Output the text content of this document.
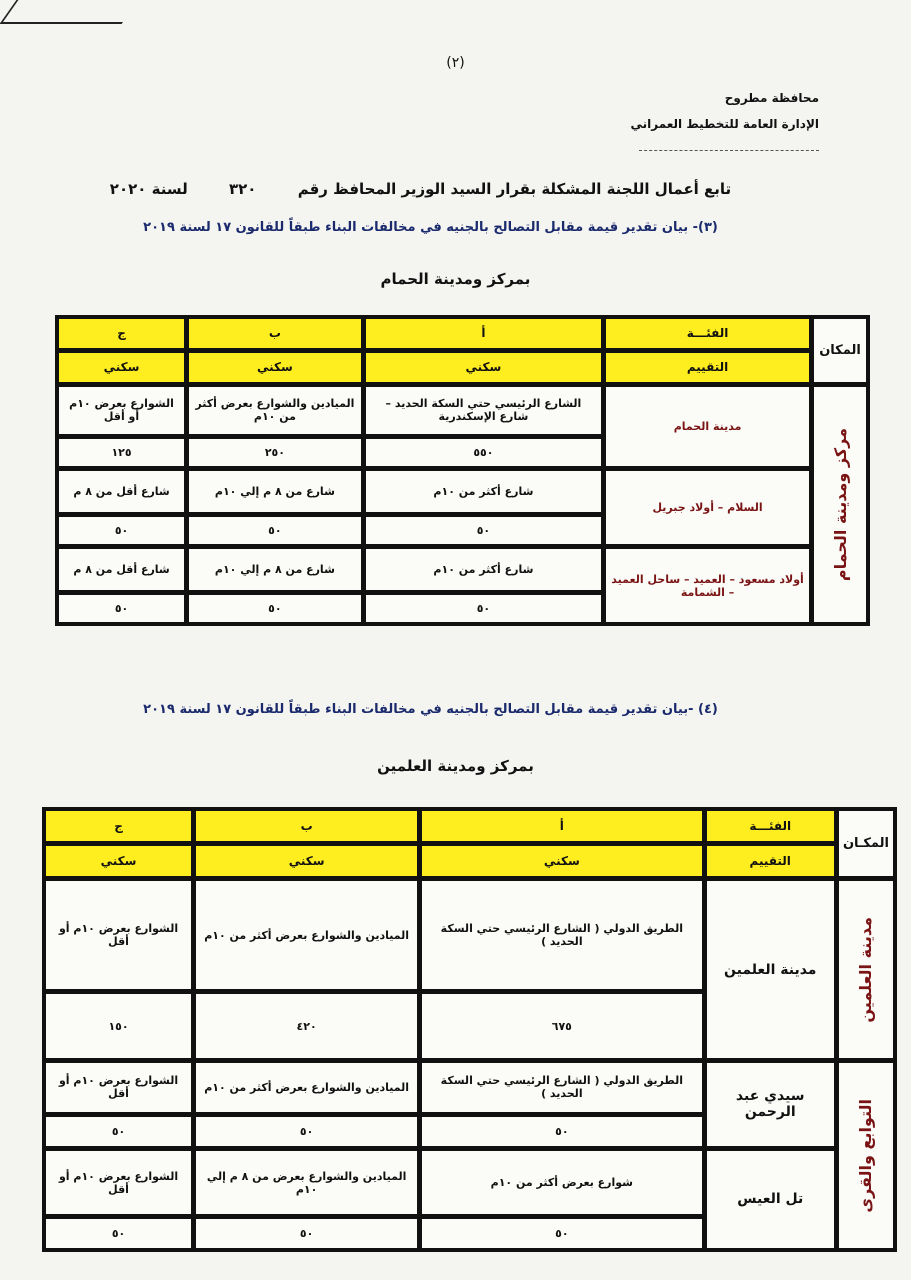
(٢)
محافظة مطروح
الإدارة العامة للتخطيط العمراني
تابع أعمال اللجنة المشكلة بقرار السيد الوزير المحافظ رقم ٣٢٠ لسنة ٢٠٢٠
(٣)- بيان تقدير قيمة مقابل التصالح بالجنيه في مخالفات البناء طبقاً للقانون ١٧ لسنة ٢٠١٩
بمركز ومدينة الحمام
المكان	الفئـــة	أ	ب	ج
	التقييم	سكني	سكني	سكني

مركز ومدينة الحمام	مدينة الحمام	الشارع الرئيسي حتي السكة الحديد – شارع الإسكندرية	الميادين والشوارع بعرض أكثر من ١٠م	الشوارع بعرض ١٠م أو أقل
		٥٥٠	٢٥٠	١٢٥
	السلام – أولاد جبريل	شارع أكثر من ١٠م	شارع من ٨ م إلي ١٠م	شارع أقل من ٨ م
		٥٠	٥٠	٥٠
	أولاد مسعود – العميد – ساحل العميد – الشمامة	شارع أكثر من ١٠م	شارع من ٨ م إلي ١٠م	شارع أقل من ٨ م
		٥٠	٥٠	٥٠
(٤) -بيان تقدير قيمة مقابل التصالح بالجنيه في مخالفات البناء طبقاً للقانون ١٧ لسنة ٢٠١٩
بمركز ومدينة العلمين
المكـان	الفئـــة	أ	ب	ج
	التقييم	سكني	سكني	سكني

مدينة العلمين	مدينة العلمين	الطريق الدولي ( الشارع الرئيسي حتي السكة الحديد )	الميادين والشوارع بعرض أكثر من ١٠م	الشوارع بعرض ١٠م أو أقل
		٦٧٥	٤٢٠	١٥٠

التوابع والقرى	سيدي عبد الرحمن	الطريق الدولي ( الشارع الرئيسي حتي السكة الحديد )	الميادين والشوارع بعرض أكثر من ١٠م	الشوارع بعرض ١٠م أو أقل
		٥٠	٥٠	٥٠
	تل العيس	شوارع بعرض أكثر من ١٠م	الميادين والشوارع بعرض من ٨ م إلي ١٠م	الشوارع بعرض ١٠م أو أقل
		٥٠	٥٠	٥٠
